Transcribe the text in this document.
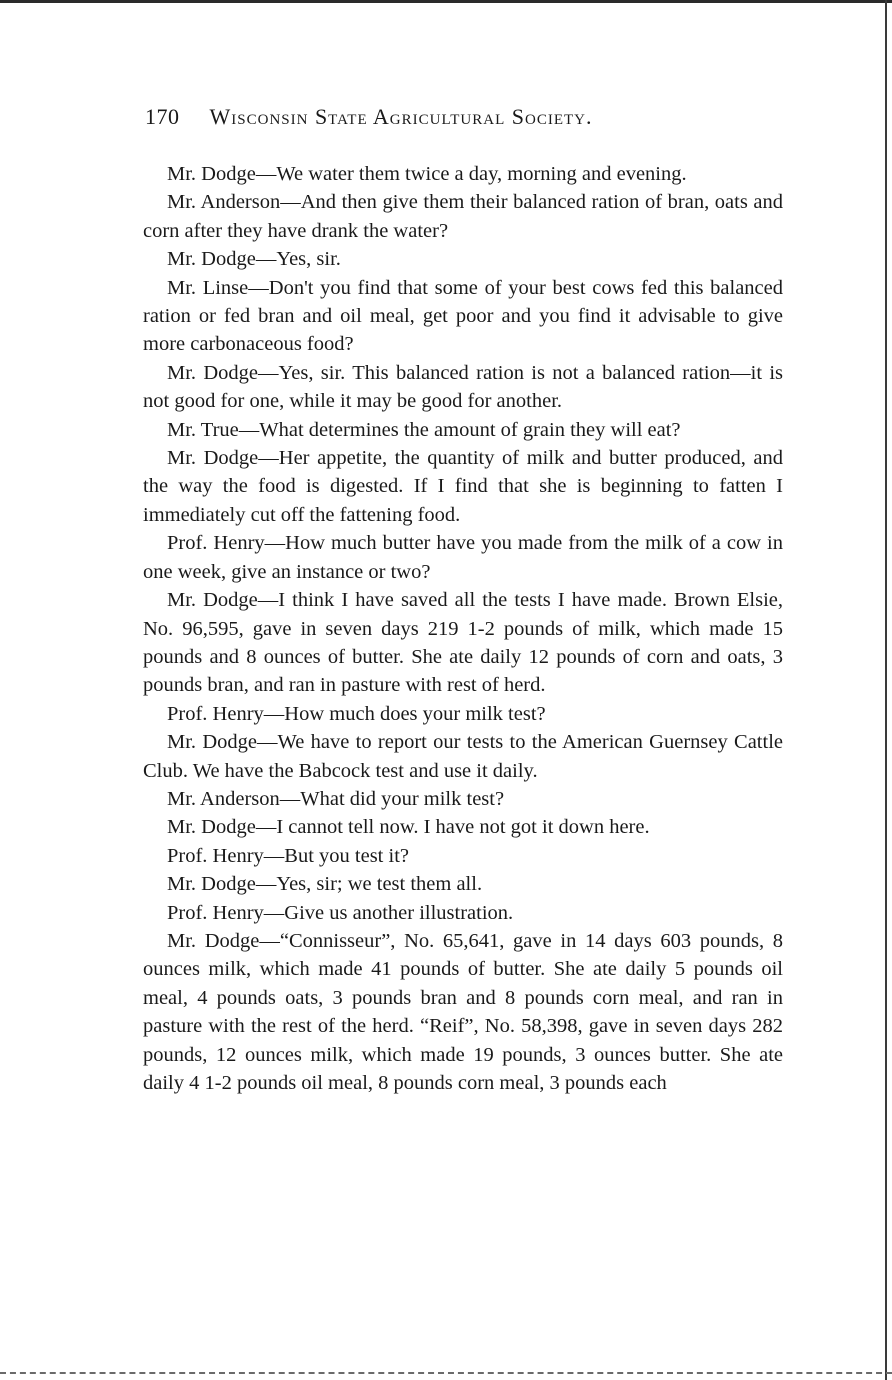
170 Wisconsin State Agricultural Society.

Mr. Dodge—We water them twice a day, morning and evening.

Mr. Anderson—And then give them their balanced ration of bran, oats and corn after they have drank the water?

Mr. Dodge—Yes, sir.

Mr. Linse—Don't you find that some of your best cows fed this balanced ration or fed bran and oil meal, get poor and you find it advisable to give more carbonaceous food?

Mr. Dodge—Yes, sir. This balanced ration is not a balanced ration—it is not good for one, while it may be good for another.

Mr. True—What determines the amount of grain they will eat?

Mr. Dodge—Her appetite, the quantity of milk and butter produced, and the way the food is digested. If I find that she is beginning to fatten I immediately cut off the fattening food.

Prof. Henry—How much butter have you made from the milk of a cow in one week, give an instance or two?

Mr. Dodge—I think I have saved all the tests I have made. Brown Elsie, No. 96,595, gave in seven days 219 1-2 pounds of milk, which made 15 pounds and 8 ounces of butter. She ate daily 12 pounds of corn and oats, 3 pounds bran, and ran in pasture with rest of herd.

Prof. Henry—How much does your milk test?

Mr. Dodge—We have to report our tests to the American Guernsey Cattle Club. We have the Babcock test and use it daily.

Mr. Anderson—What did your milk test?

Mr. Dodge—I cannot tell now. I have not got it down here.

Prof. Henry—But you test it?

Mr. Dodge—Yes, sir; we test them all.

Prof. Henry—Give us another illustration.

Mr. Dodge—“Connisseur”, No. 65,641, gave in 14 days 603 pounds, 8 ounces milk, which made 41 pounds of butter. She ate daily 5 pounds oil meal, 4 pounds oats, 3 pounds bran and 8 pounds corn meal, and ran in pasture with the rest of the herd. “Reif”, No. 58,398, gave in seven days 282 pounds, 12 ounces milk, which made 19 pounds, 3 ounces butter. She ate daily 4 1-2 pounds oil meal, 8 pounds corn meal, 3 pounds each
